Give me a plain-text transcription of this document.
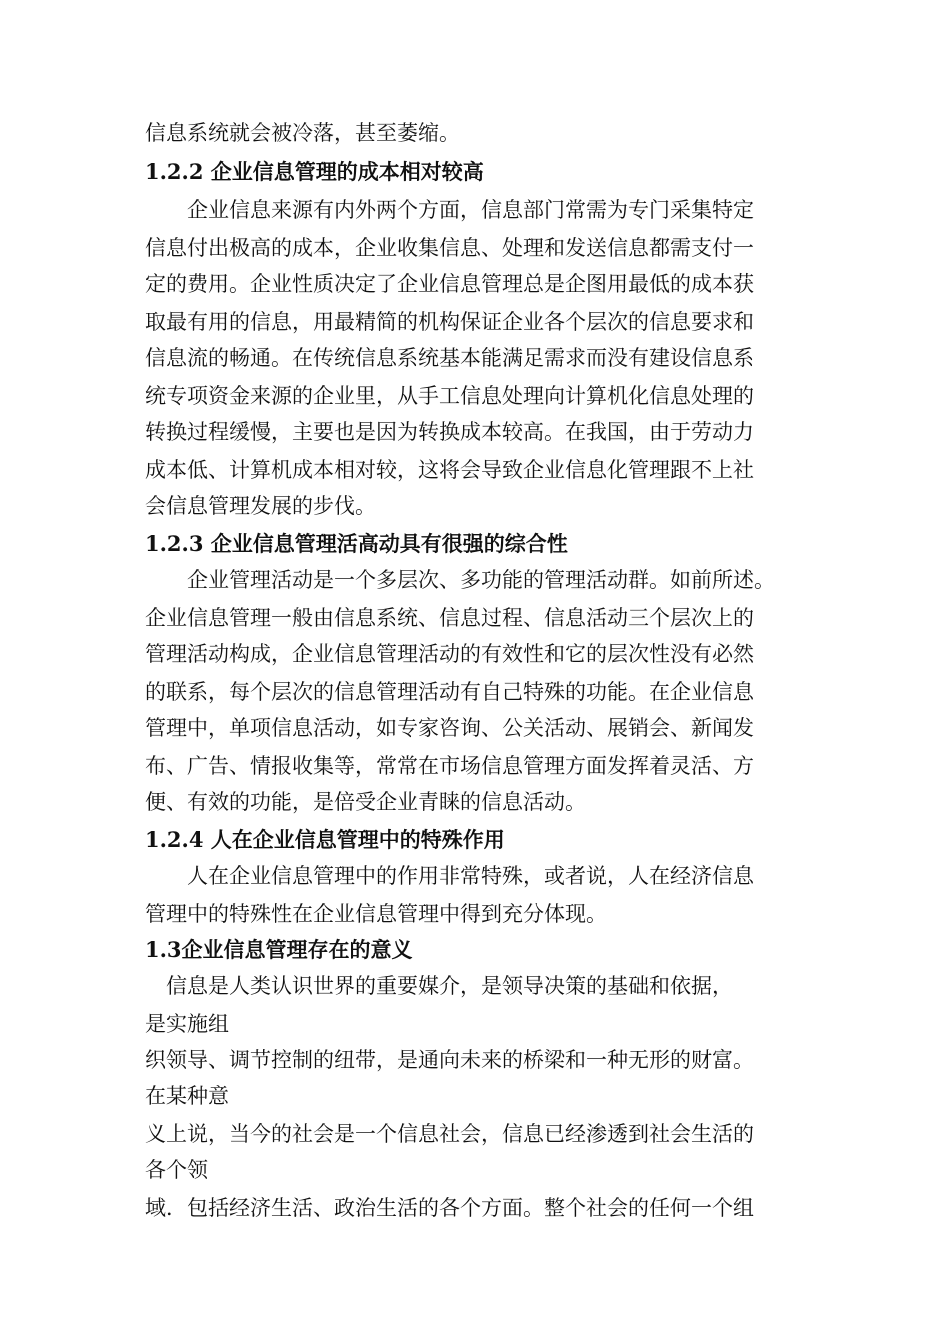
信息系统就会被冷落，甚至萎缩。
1.2.2 企业信息管理的成本相对较高
　　企业信息来源有内外两个方面，信息部门常需为专门采集特定
信息付出极高的成本，企业收集信息、处理和发送信息都需支付一
定的费用。企业性质决定了企业信息管理总是企图用最低的成本获
取最有用的信息，用最精简的机构保证企业各个层次的信息要求和
信息流的畅通。在传统信息系统基本能满足需求而没有建设信息系
统专项资金来源的企业里，从手工信息处理向计算机化信息处理的
转换过程缓慢，主要也是因为转换成本较高。在我国，由于劳动力
成本低、计算机成本相对较，这将会导致企业信息化管理跟不上社
会信息管理发展的步伐。
1.2.3 企业信息管理活高动具有很强的综合性
　　企业管理活动是一个多层次、多功能的管理活动群。如前所述。
企业信息管理一般由信息系统、信息过程、信息活动三个层次上的
管理活动构成，企业信息管理活动的有效性和它的层次性没有必然
的联系，每个层次的信息管理活动有自己特殊的功能。在企业信息
管理中，单项信息活动，如专家咨询、公关活动、展销会、新闻发
布、广告、情报收集等，常常在市场信息管理方面发挥着灵活、方
便、有效的功能，是倍受企业青睐的信息活动。
1.2.4 人在企业信息管理中的特殊作用
　　人在企业信息管理中的作用非常特殊，或者说，人在经济信息
管理中的特殊性在企业信息管理中得到充分体现。
1.3企业信息管理存在的意义
　信息是人类认识世界的重要媒介，是领导决策的基础和依据，
是实施组
织领导、调节控制的纽带，是通向未来的桥梁和一种无形的财富。
在某种意
义上说，当今的社会是一个信息社会，信息已经渗透到社会生活的
各个领
域．包括经济生活、政治生活的各个方面。整个社会的任何一个组
